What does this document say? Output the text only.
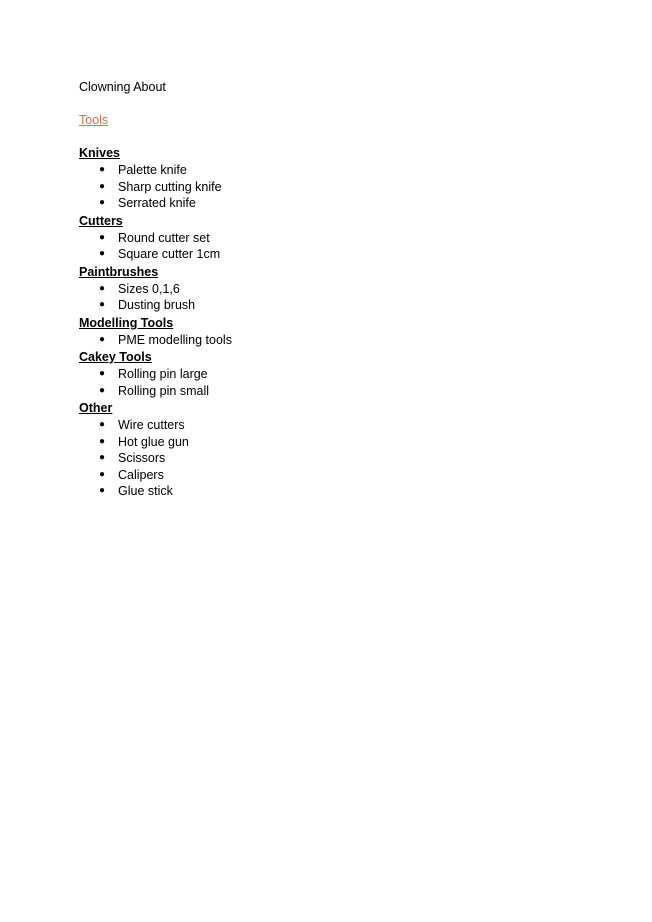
Clowning About
Tools
Knives
● Palette knife
● Sharp cutting knife
● Serrated knife
Cutters
● Round cutter set
● Square cutter 1cm
Paintbrushes
● Sizes 0,1,6
● Dusting brush
Modelling Tools
● PME modelling tools
Cakey Tools
● Rolling pin large
● Rolling pin small
Other
● Wire cutters
● Hot glue gun
● Scissors
● Calipers
● Glue stick
